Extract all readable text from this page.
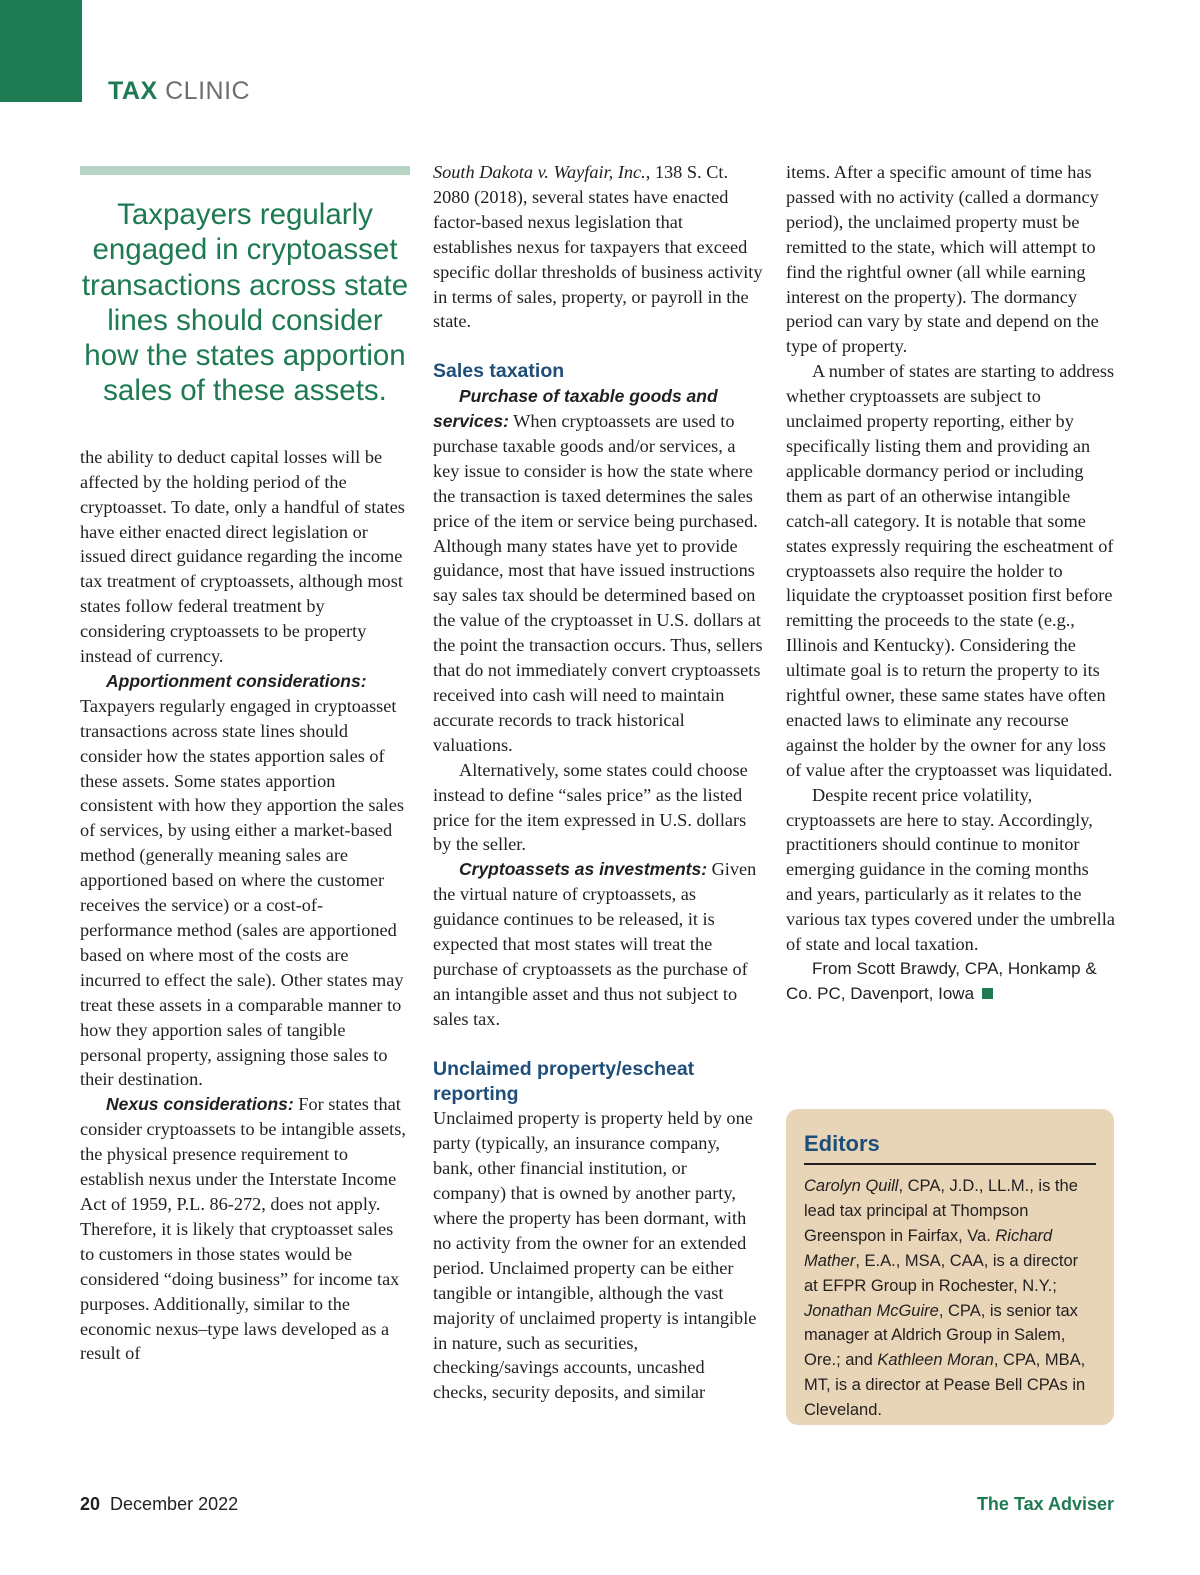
TAX CLINIC
Taxpayers regularly engaged in cryptoasset transactions across state lines should consider how the states apportion sales of these assets.

the ability to deduct capital losses will be affected by the holding period of the cryptoasset. To date, only a handful of states have either enacted direct legislation or issued direct guidance regarding the income tax treatment of cryptoassets, although most states follow federal treatment by considering cryptoassets to be property instead of currency.

Apportionment considerations: Taxpayers regularly engaged in cryptoasset transactions across state lines should consider how the states apportion sales of these assets. Some states apportion consistent with how they apportion the sales of services, by using either a market-based method (generally meaning sales are apportioned based on where the customer receives the service) or a cost-of-performance method (sales are apportioned based on where most of the costs are incurred to effect the sale). Other states may treat these assets in a comparable manner to how they apportion sales of tangible personal property, assigning those sales to their destination.

Nexus considerations: For states that consider cryptoassets to be intangible assets, the physical presence requirement to establish nexus under the Interstate Income Act of 1959, P.L. 86-272, does not apply. Therefore, it is likely that cryptoasset sales to customers in those states would be considered “doing business” for income tax purposes. Additionally, similar to the economic nexus–type laws developed as a result of

South Dakota v. Wayfair, Inc., 138 S. Ct. 2080 (2018), several states have enacted factor-based nexus legislation that establishes nexus for taxpayers that exceed specific dollar thresholds of business activity in terms of sales, property, or payroll in the state.

Sales taxation

Purchase of taxable goods and services: When cryptoassets are used to purchase taxable goods and/or services, a key issue to consider is how the state where the transaction is taxed determines the sales price of the item or service being purchased. Although many states have yet to provide guidance, most that have issued instructions say sales tax should be determined based on the value of the cryptoasset in U.S. dollars at the point the transaction occurs. Thus, sellers that do not immediately convert cryptoassets received into cash will need to maintain accurate records to track historical valuations.

Alternatively, some states could choose instead to define “sales price” as the listed price for the item expressed in U.S. dollars by the seller.

Cryptoassets as investments: Given the virtual nature of cryptoassets, as guidance continues to be released, it is expected that most states will treat the purchase of cryptoassets as the purchase of an intangible asset and thus not subject to sales tax.

Unclaimed property/escheat reporting

Unclaimed property is property held by one party (typically, an insurance company, bank, other financial institution, or company) that is owned by another party, where the property has been dormant, with no activity from the owner for an extended period. Unclaimed property can be either tangible or intangible, although the vast majority of unclaimed property is intangible in nature, such as securities, checking/savings accounts, uncashed checks, security deposits, and similar

items. After a specific amount of time has passed with no activity (called a dormancy period), the unclaimed property must be remitted to the state, which will attempt to find the rightful owner (all while earning interest on the property). The dormancy period can vary by state and depend on the type of property.

A number of states are starting to address whether cryptoassets are subject to unclaimed property reporting, either by specifically listing them and providing an applicable dormancy period or including them as part of an otherwise intangible catch-all category. It is notable that some states expressly requiring the escheatment of cryptoassets also require the holder to liquidate the cryptoasset position first before remitting the proceeds to the state (e.g., Illinois and Kentucky). Considering the ultimate goal is to return the property to its rightful owner, these same states have often enacted laws to eliminate any recourse against the holder by the owner for any loss of value after the cryptoasset was liquidated.

Despite recent price volatility, cryptoassets are here to stay. Accordingly, practitioners should continue to monitor emerging guidance in the coming months and years, particularly as it relates to the various tax types covered under the umbrella of state and local taxation.

From Scott Brawdy, CPA, Honkamp & Co. PC, Davenport, Iowa

Editors
Carolyn Quill, CPA, J.D., LL.M., is the lead tax principal at Thompson Greenspon in Fairfax, Va. Richard Mather, E.A., MSA, CAA, is a director at EFPR Group in Rochester, N.Y.; Jonathan McGuire, CPA, is senior tax manager at Aldrich Group in Salem, Ore.; and Kathleen Moran, CPA, MBA, MT, is a director at Pease Bell CPAs in Cleveland.
20 December 2022	The Tax Adviser
